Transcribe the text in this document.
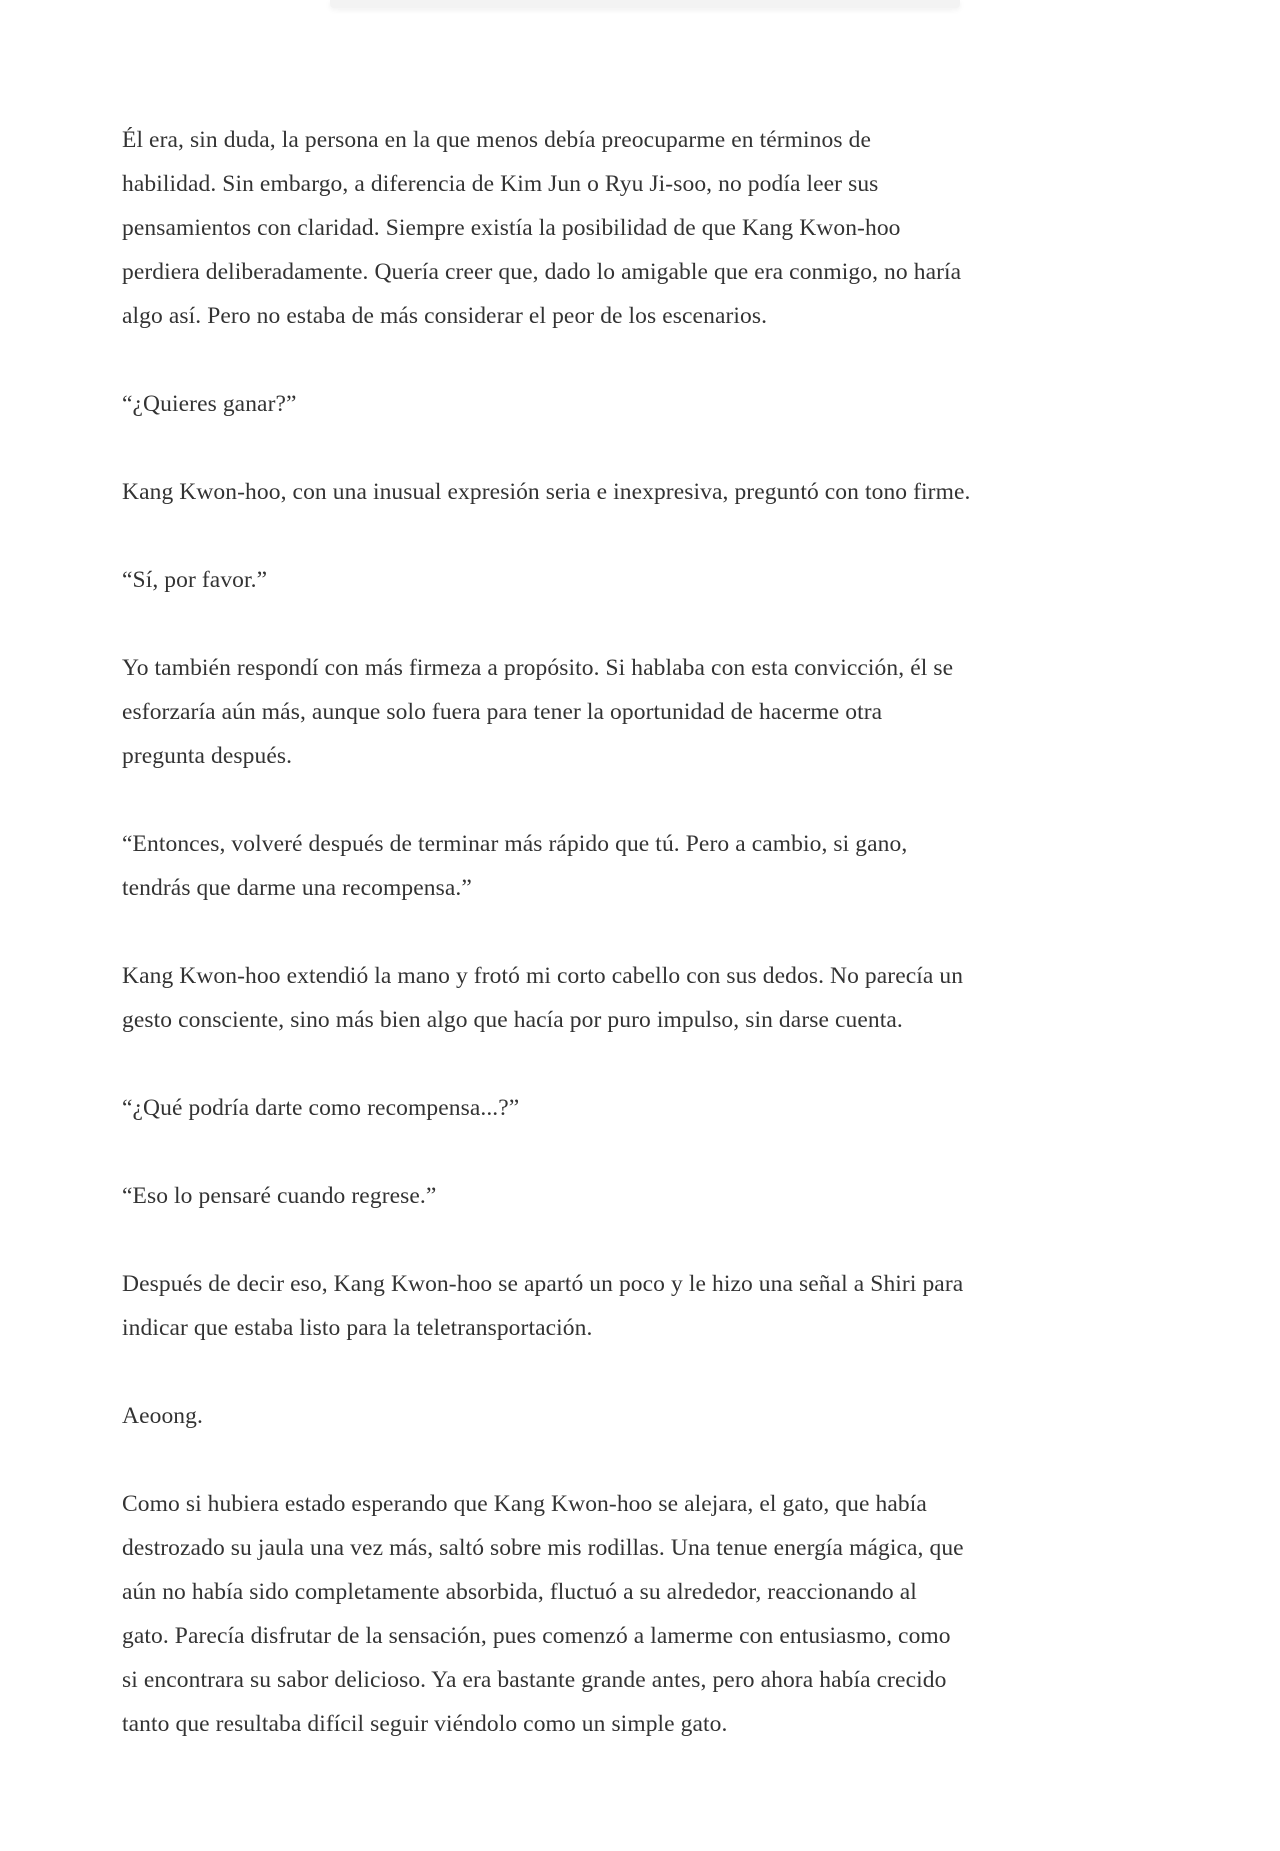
Él era, sin duda, la persona en la que menos debía preocuparme en términos de
habilidad. Sin embargo, a diferencia de Kim Jun o Ryu Ji-soo, no podía leer sus
pensamientos con claridad. Siempre existía la posibilidad de que Kang Kwon-hoo
perdiera deliberadamente. Quería creer que, dado lo amigable que era conmigo, no haría
algo así. Pero no estaba de más considerar el peor de los escenarios.

“¿Quieres ganar?”

Kang Kwon-hoo, con una inusual expresión seria e inexpresiva, preguntó con tono firme.

“Sí, por favor.”

Yo también respondí con más firmeza a propósito. Si hablaba con esta convicción, él se
esforzaría aún más, aunque solo fuera para tener la oportunidad de hacerme otra
pregunta después.

“Entonces, volveré después de terminar más rápido que tú. Pero a cambio, si gano,
tendrás que darme una recompensa.”

Kang Kwon-hoo extendió la mano y frotó mi corto cabello con sus dedos. No parecía un
gesto consciente, sino más bien algo que hacía por puro impulso, sin darse cuenta.

“¿Qué podría darte como recompensa...?”

“Eso lo pensaré cuando regrese.”

Después de decir eso, Kang Kwon-hoo se apartó un poco y le hizo una señal a Shiri para
indicar que estaba listo para la teletransportación.

Aeoong.

Como si hubiera estado esperando que Kang Kwon-hoo se alejara, el gato, que había
destrozado su jaula una vez más, saltó sobre mis rodillas. Una tenue energía mágica, que
aún no había sido completamente absorbida, fluctuó a su alrededor, reaccionando al
gato. Parecía disfrutar de la sensación, pues comenzó a lamerme con entusiasmo, como
si encontrara su sabor delicioso. Ya era bastante grande antes, pero ahora había crecido
tanto que resultaba difícil seguir viéndolo como un simple gato.
